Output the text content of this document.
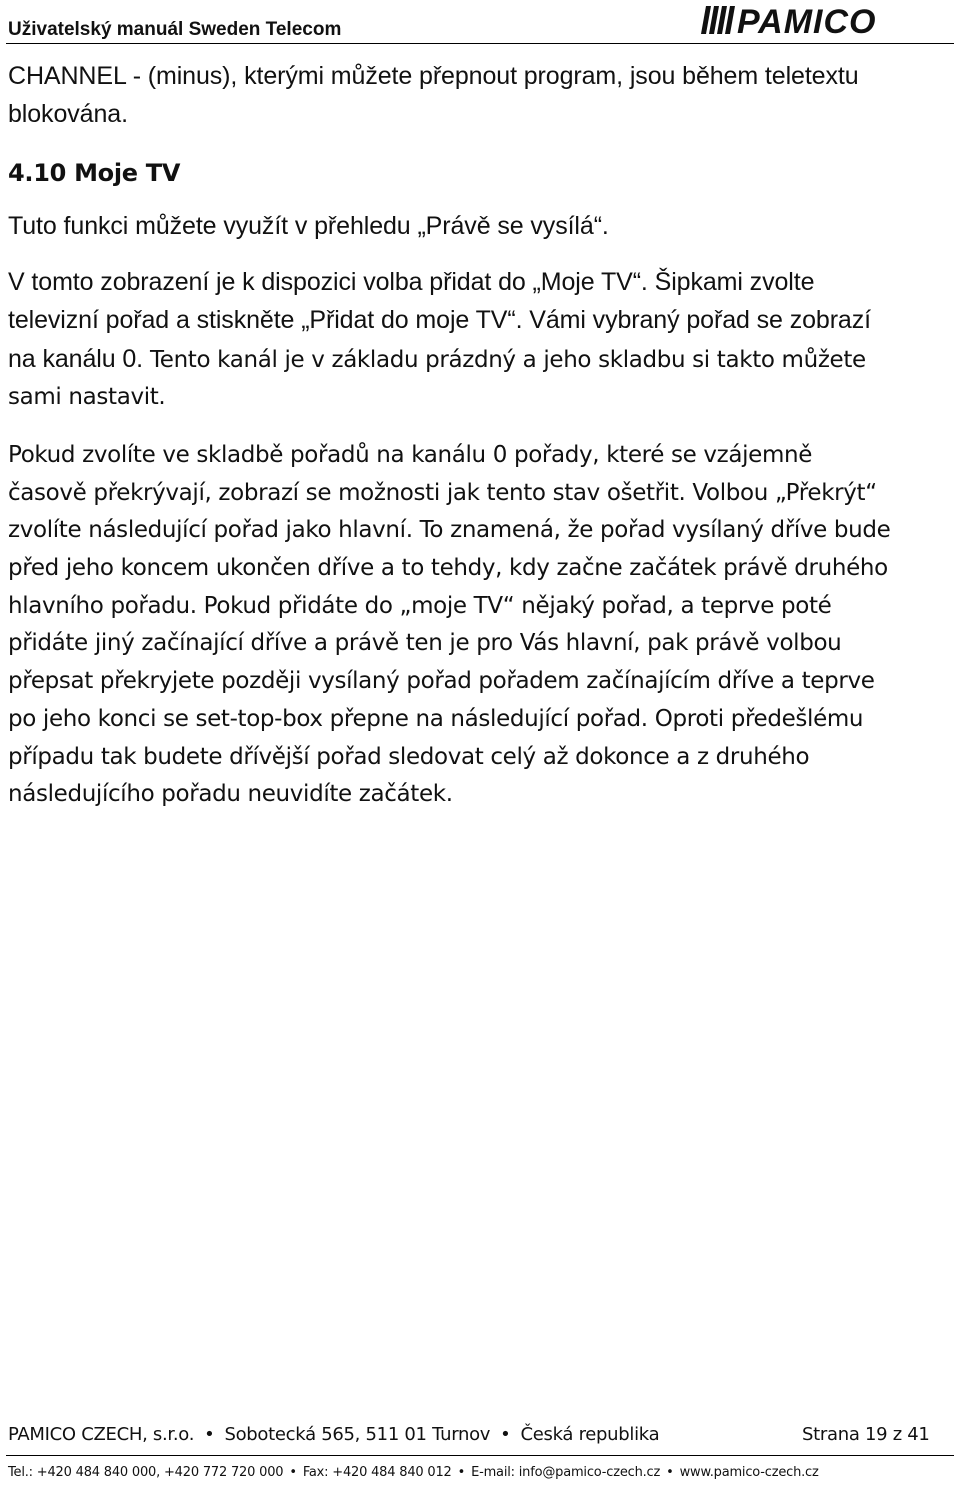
Uživatelský manuál Sweden Telecom	PAMICO

CHANNEL - (minus), kterými můžete přepnout program, jsou během teletextu

blokována.

4.10 Moje TV

Tuto funkci můžete využít v přehledu „Právě se vysílá“.

V tomto zobrazení je k dispozici volba přidat do „Moje TV“. Šipkami zvolte

televizní pořad a stiskněte „Přidat do moje TV“. Vámi vybraný pořad se zobrazí

na kanálu 0. Tento kanál je v základu prázdný a jeho skladbu si takto můžete

sami nastavit.

Pokud zvolíte ve skladbě pořadů na kanálu 0 pořady, které se vzájemně

časově překrývají, zobrazí se možnosti jak tento stav ošetřit. Volbou „Překrýt“

zvolíte následující pořad jako hlavní. To znamená, že pořad vysílaný dříve bude

před jeho koncem ukončen dříve a to tehdy, kdy začne začátek právě druhého

hlavního pořadu. Pokud přidáte do „moje TV“ nějaký pořad, a teprve poté

přidáte jiný začínající dříve a právě ten je pro Vás hlavní, pak právě volbou

přepsat překryjete později vysílaný pořad pořadem začínajícím dříve a teprve

po jeho konci se set-top-box přepne na následující pořad. Oproti předešlému

případu tak budete dřívější pořad sledovat celý až dokonce a z druhého

následujícího pořadu neuvidíte začátek.

PAMICO CZECH, s.r.o. • Sobotecká 565, 511 01 Turnov • Česká republika	Strana 19 z 41
Tel.: +420 484 840 000, +420 772 720 000 • Fax: +420 484 840 012 • E-mail: info@pamico-czech.cz • www.pamico-czech.cz
